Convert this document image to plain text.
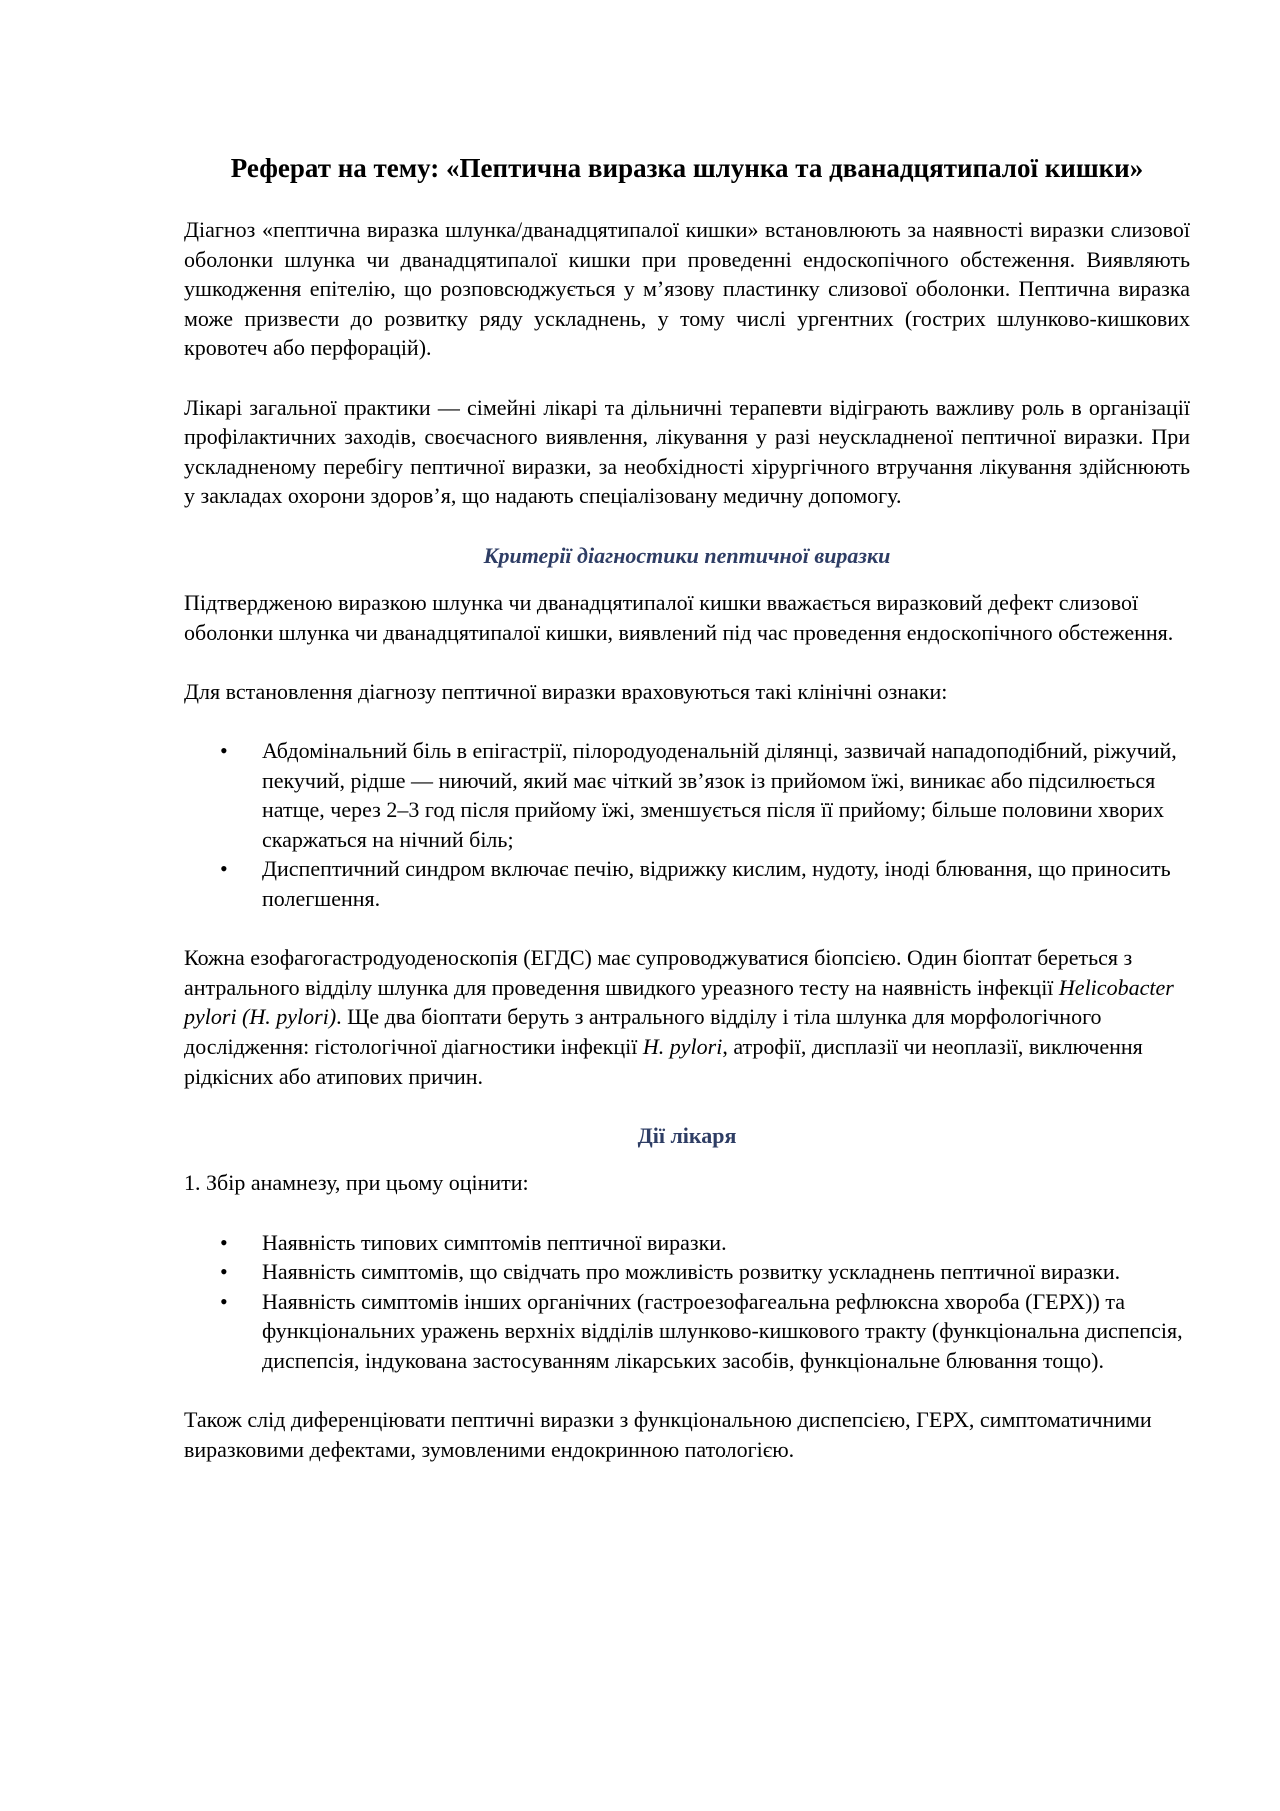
Реферат на тему: «Пептична виразка шлунка та дванадцятипалої кишки»

Діагноз «пептична виразка шлунка/дванадцятипалої кишки» встановлюють за наявності виразки слизової оболонки шлунка чи дванадцятипалої кишки при проведенні ендоскопічного обстеження. Виявляють ушкодження епітелію, що розповсюджується у м’язову пластинку слизової оболонки. Пептична виразка може призвести до розвитку ряду ускладнень, у тому числі ургентних (гострих шлунково-кишкових кровотеч або перфорацій).

Лікарі загальної практики — сімейні лікарі та дільничні терапевти відіграють важливу роль в організації профілактичних заходів, своєчасного виявлення, лікування у разі неускладненої пептичної виразки. При ускладненому перебігу пептичної виразки, за необхідності хірургічного втручання лікування здійснюють у закладах охорони здоров’я, що надають спеціалізовану медичну допомогу.

Критерії діагностики пептичної виразки

Підтвердженою виразкою шлунка чи дванадцятипалої кишки вважається виразковий дефект слизової оболонки шлунка чи дванадцятипалої кишки, виявлений під час проведення ендоскопічного обстеження.

Для встановлення діагнозу пептичної виразки враховуються такі клінічні ознаки:

• Абдомінальний біль в епігастрії, пілородуоденальній ділянці, зазвичай нападоподібний, ріжучий, пекучий, рідше — ниючий, який має чіткий зв’язок із прийомом їжі, виникає або підсилюється натще, через 2–3 год після прийому їжі, зменшується після її прийому; більше половини хворих скаржаться на нічний біль;
• Диспептичний синдром включає печію, відрижку кислим, нудоту, іноді блювання, що приносить полегшення.

Кожна езофагогастродуоденоскопія (ЕГДС) має супроводжуватися біопсією. Один біоптат береться з антрального відділу шлунка для проведення швидкого уреазного тесту на наявність інфекції Helicobacter pylori (H. pylori). Ще два біоптати беруть з антрального відділу і тіла шлунка для морфологічного дослідження: гістологічної діагностики інфекції H. pylori, атрофії, дисплазії чи неоплазії, виключення рідкісних або атипових причин.

Дії лікаря

1. Збір анамнезу, при цьому оцінити:

• Наявність типових симптомів пептичної виразки.
• Наявність симптомів, що свідчать про можливість розвитку ускладнень пептичної виразки.
• Наявність симптомів інших органічних (гастроезофагеальна рефлюксна хвороба (ГЕРХ)) та функціональних уражень верхніх відділів шлунково-кишкового тракту (функціональна диспепсія, диспепсія, індукована застосуванням лікарських засобів, функціональне блювання тощо).

Також слід диференціювати пептичні виразки з функціональною диспепсією, ГЕРХ, симптоматичними виразковими дефектами, зумовленими ендокринною патологією.
